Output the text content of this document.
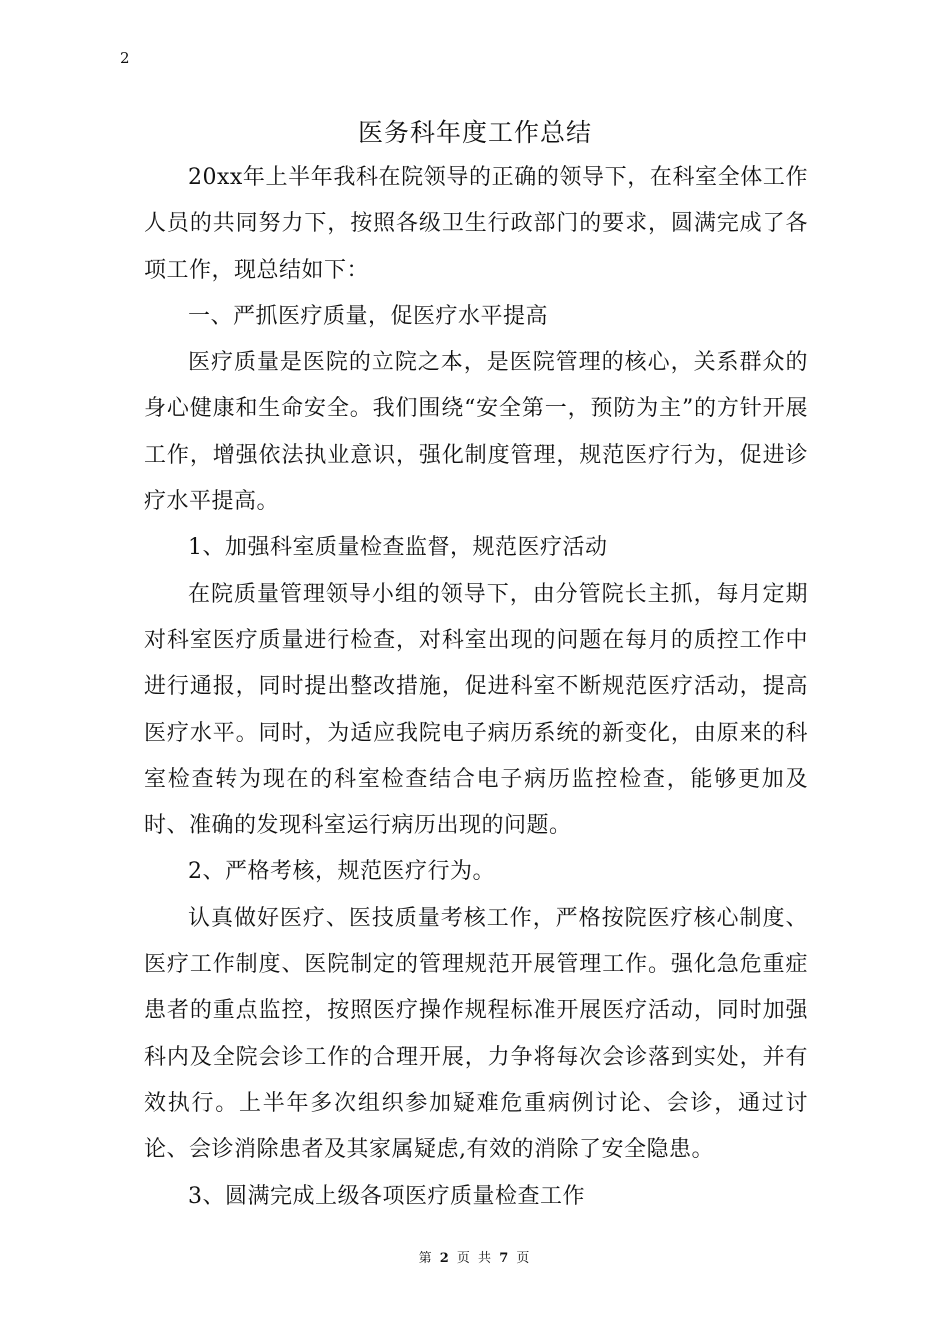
2
医务科年度工作总结

20xx年上半年我科在院领导的正确的领导下，在科室全体工作人员的共同努力下，按照各级卫生行政部门的要求，圆满完成了各项工作，现总结如下：

一、严抓医疗质量，促医疗水平提高

医疗质量是医院的立院之本，是医院管理的核心，关系群众的身心健康和生命安全。我们围绕“安全第一，预防为主”的方针开展工作，增强依法执业意识，强化制度管理，规范医疗行为，促进诊疗水平提高。

1、加强科室质量检查监督，规范医疗活动

在院质量管理领导小组的领导下，由分管院长主抓，每月定期对科室医疗质量进行检查，对科室出现的问题在每月的质控工作中进行通报，同时提出整改措施，促进科室不断规范医疗活动，提高医疗水平。同时，为适应我院电子病历系统的新变化，由原来的科室检查转为现在的科室检查结合电子病历监控检查，能够更加及时、准确的发现科室运行病历出现的问题。

2、严格考核，规范医疗行为。

认真做好医疗、医技质量考核工作，严格按院医疗核心制度、医疗工作制度、医院制定的管理规范开展管理工作。强化急危重症患者的重点监控，按照医疗操作规程标准开展医疗活动，同时加强科内及全院会诊工作的合理开展，力争将每次会诊落到实处，并有效执行。上半年多次组织参加疑难危重病例讨论、会诊，通过讨论、会诊消除患者及其家属疑虑,有效的消除了安全隐患。

3、圆满完成上级各项医疗质量检查工作

第 2 页 共 7 页
